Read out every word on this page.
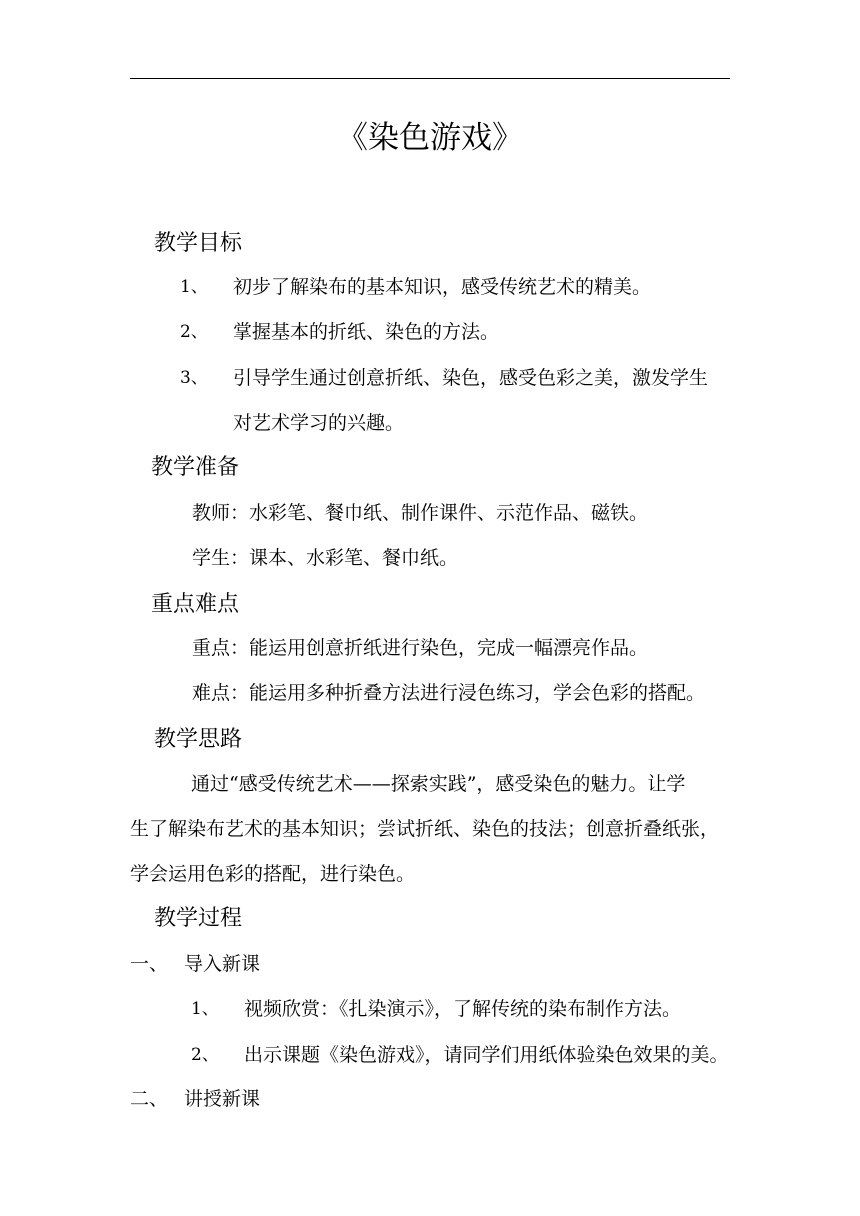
《染色游戏》
教学目标
1、 初步了解染布的基本知识，感受传统艺术的精美。
2、 掌握基本的折纸、染色的方法。
3、 引导学生通过创意折纸、染色，感受色彩之美，激发学生
对艺术学习的兴趣。
教学准备
教师：水彩笔、餐巾纸、制作课件、示范作品、磁铁。
学生：课本、水彩笔、餐巾纸。
重点难点
重点：能运用创意折纸进行染色，完成一幅漂亮作品。
难点：能运用多种折叠方法进行浸色练习，学会色彩的搭配。
教学思路
通过“感受传统艺术——探索实践”，感受染色的魅力。让学
生了解染布艺术的基本知识；尝试折纸、染色的技法；创意折叠纸张，
学会运用色彩的搭配，进行染色。
教学过程
一、 导入新课
1、 视频欣赏：《扎染演示》，了解传统的染布制作方法。
2、 出示课题《染色游戏》，请同学们用纸体验染色效果的美。
二、 讲授新课
